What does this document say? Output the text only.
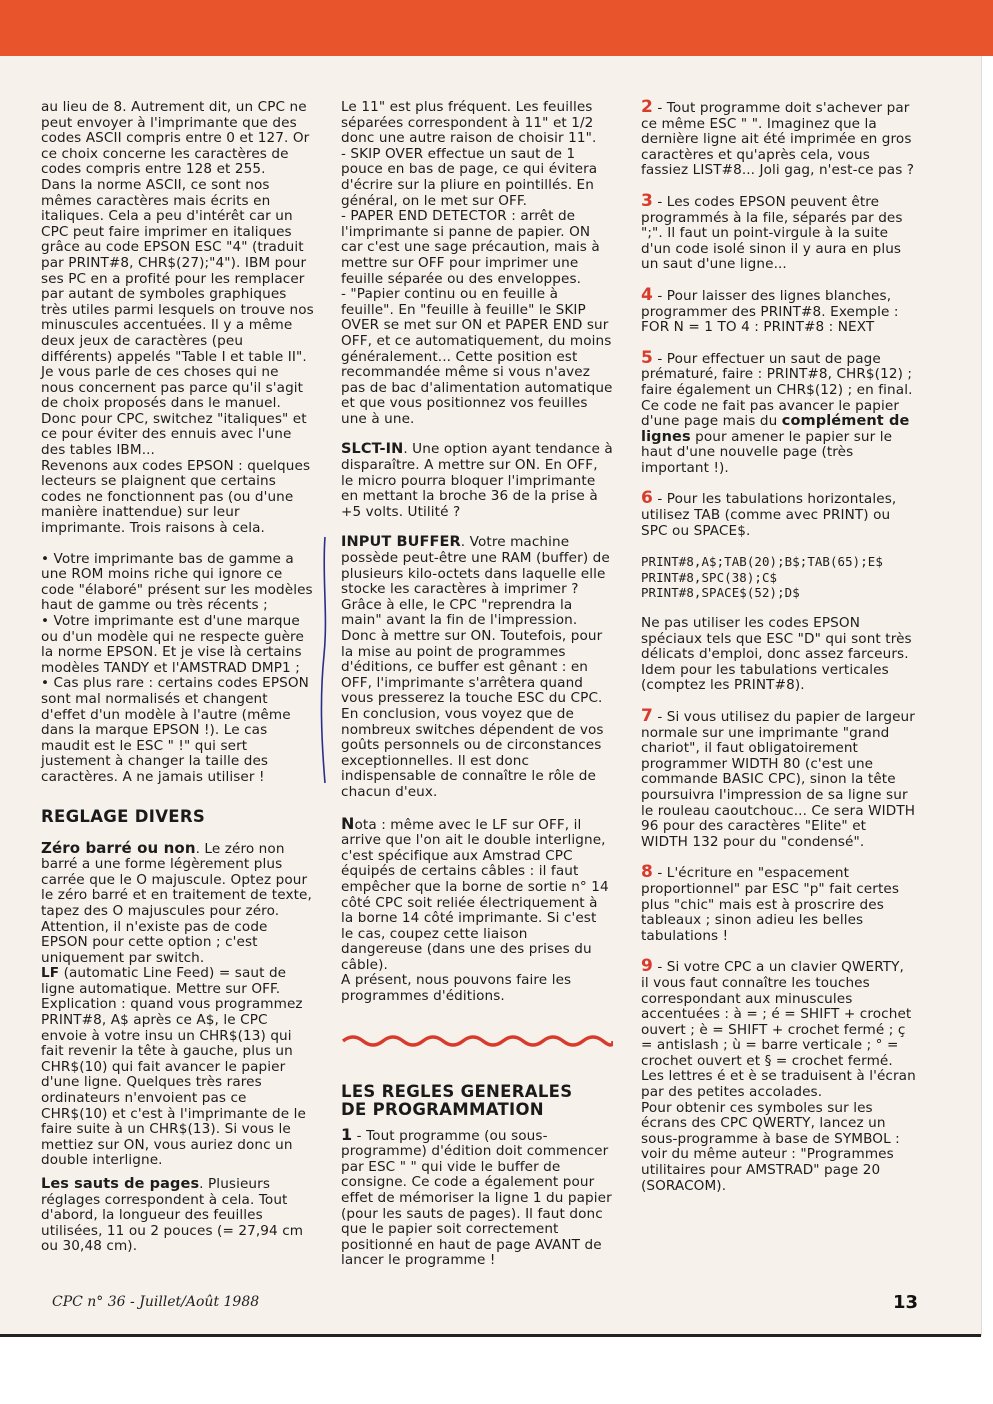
au lieu de 8. Autrement dit, un CPC ne peut envoyer à l'imprimante que des codes ASCII compris entre 0 et 127. Or ce choix concerne les caractères de codes compris entre 128 et 255.

Dans la norme ASCII, ce sont nos mêmes caractères mais écrits en italiques. Cela a peu d'intérêt car un CPC peut faire imprimer en italiques grâce au code EPSON ESC "4" (traduit par PRINT#8, CHR$(27);"4"). IBM pour ses PC en a profité pour les remplacer par autant de symboles graphiques très utiles parmi lesquels on trouve nos minuscules accentuées. Il y a même deux jeux de caractères (peu différents) appelés "Table I et table II". Je vous parle de ces choses qui ne nous concernent pas parce qu'il s'agit de choix proposés dans le manuel. Donc pour CPC, switchez "italiques" et ce pour éviter des ennuis avec l'une des tables IBM...

Revenons aux codes EPSON : quelques lecteurs se plaignent que certains codes ne fonctionnent pas (ou d'une manière inattendue) sur leur imprimante. Trois raisons à cela.

• Votre imprimante bas de gamme a une ROM moins riche qui ignore ce code "élaboré" présent sur les modèles haut de gamme ou très récents ;

• Votre imprimante est d'une marque ou d'un modèle qui ne respecte guère la norme EPSON. Et je vise là certains modèles TANDY et l'AMSTRAD DMP1 ;

• Cas plus rare : certains codes EPSON sont mal normalisés et changent d'effet d'un modèle à l'autre (même dans la marque EPSON !). Le cas maudit est le ESC " !" qui sert justement à changer la taille des caractères. A ne jamais utiliser !

REGLAGE DIVERS

Zéro barré ou non. Le zéro non barré a une forme légèrement plus carrée que le O majuscule. Optez pour le zéro barré et en traitement de texte, tapez des O majuscules pour zéro. Attention, il n'existe pas de code EPSON pour cette option ; c'est uniquement par switch.

LF (automatic Line Feed) = saut de ligne automatique. Mettre sur OFF. Explication : quand vous programmez PRINT#8, A$ après ce A$, le CPC envoie à votre insu un CHR$(13) qui fait revenir la tête à gauche, plus un CHR$(10) qui fait avancer le papier d'une ligne. Quelques très rares ordinateurs n'envoient pas ce CHR$(10) et c'est à l'imprimante de le faire suite à un CHR$(13). Si vous le mettiez sur ON, vous auriez donc un double interligne.

Les sauts de pages. Plusieurs réglages correspondent à cela. Tout d'abord, la longueur des feuilles utilisées, 11 ou 2 pouces (= 27,94 cm ou 30,48 cm).

Le 11" est plus fréquent. Les feuilles séparées correspondent à 11" et 1/2 donc une autre raison de choisir 11".

- SKIP OVER effectue un saut de 1 pouce en bas de page, ce qui évitera d'écrire sur la pliure en pointillés. En général, on le met sur OFF.

- PAPER END DETECTOR : arrêt de l'imprimante si panne de papier. ON car c'est une sage précaution, mais à mettre sur OFF pour imprimer une feuille séparée ou des enveloppes.

- "Papier continu ou en feuille à feuille". En "feuille à feuille" le SKIP OVER se met sur ON et PAPER END sur OFF, et ce automatiquement, du moins généralement... Cette position est recommandée même si vous n'avez pas de bac d'alimentation automatique et que vous positionnez vos feuilles une à une.

SLCT-IN. Une option ayant tendance à disparaître. A mettre sur ON. En OFF, le micro pourra bloquer l'imprimante en mettant la broche 36 de la prise à +5 volts. Utilité ?

INPUT BUFFER. Votre machine possède peut-être une RAM (buffer) de plusieurs kilo-octets dans laquelle elle stocke les caractères à imprimer ? Grâce à elle, le CPC "reprendra la main" avant la fin de l'impression. Donc à mettre sur ON. Toutefois, pour la mise au point de programmes d'éditions, ce buffer est gênant : en OFF, l'imprimante s'arrêtera quand vous presserez la touche ESC du CPC.

En conclusion, vous voyez que de nombreux switches dépendent de vos goûts personnels ou de circonstances exceptionnelles. Il est donc indispensable de connaître le rôle de chacun d'eux.

Nota : même avec le LF sur OFF, il arrive que l'on ait le double interligne, c'est spécifique aux Amstrad CPC équipés de certains câbles : il faut empêcher que la borne de sortie n° 14 côté CPC soit reliée électriquement à la borne 14 côté imprimante. Si c'est le cas, coupez cette liaison dangereuse (dans une des prises du câble).

A présent, nous pouvons faire les programmes d'éditions.

LES REGLES GENERALES

DE PROGRAMMATION

1 - Tout programme (ou sous-programme) d'édition doit commencer par ESC " " qui vide le buffer de consigne. Ce code a également pour effet de mémoriser la ligne 1 du papier (pour les sauts de pages). Il faut donc que le papier soit correctement positionné en haut de page AVANT de lancer le programme !

2 - Tout programme doit s'achever par ce même ESC " ". Imaginez que la dernière ligne ait été imprimée en gros caractères et qu'après cela, vous fassiez LIST#8... Joli gag, n'est-ce pas ?

3 - Les codes EPSON peuvent être programmés à la file, séparés par des ";". Il faut un point-virgule à la suite d'un code isolé sinon il y aura en plus un saut d'une ligne...

4 - Pour laisser des lignes blanches, programmer des PRINT#8. Exemple : FOR N = 1 TO 4 : PRINT#8 : NEXT

5 - Pour effectuer un saut de page prématuré, faire : PRINT#8, CHR$(12) ; faire également un CHR$(12) ; en final. Ce code ne fait pas avancer le papier d'une page mais du complément de lignes pour amener le papier sur le haut d'une nouvelle page (très important !).

6 - Pour les tabulations horizontales, utilisez TAB (comme avec PRINT) ou SPC ou SPACE$.

PRINT#8,A$;TAB(20);B$;TAB(65);E$

PRINT#8,SPC(38);C$

PRINT#8,SPACE$(52);D$

Ne pas utiliser les codes EPSON spéciaux tels que ESC "D" qui sont très délicats d'emploi, donc assez farceurs. Idem pour les tabulations verticales (comptez les PRINT#8).

7 - Si vous utilisez du papier de largeur normale sur une imprimante "grand chariot", il faut obligatoirement programmer WIDTH 80 (c'est une commande BASIC CPC), sinon la tête poursuivra l'impression de sa ligne sur le rouleau caoutchouc... Ce sera WIDTH 96 pour des caractères "Elite" et WIDTH 132 pour du "condensé".

8 - L'écriture en "espacement proportionnel" par ESC "p" fait certes plus "chic" mais est à proscrire des tableaux ; sinon adieu les belles tabulations !

9 - Si votre CPC a un clavier QWERTY, il vous faut connaître les touches correspondant aux minuscules accentuées : à = ; é = SHIFT + crochet ouvert ; è = SHIFT + crochet fermé ; ç = antislash ; ù = barre verticale ; ° = crochet ouvert et § = crochet fermé.

Les lettres é et è se traduisent à l'écran par des petites accolades.

Pour obtenir ces symboles sur les écrans des CPC QWERTY, lancez un sous-programme à base de SYMBOL : voir du même auteur : "Programmes utilitaires pour AMSTRAD" page 20 (SORACOM).

CPC n° 36 - Juillet/Août 1988	13
